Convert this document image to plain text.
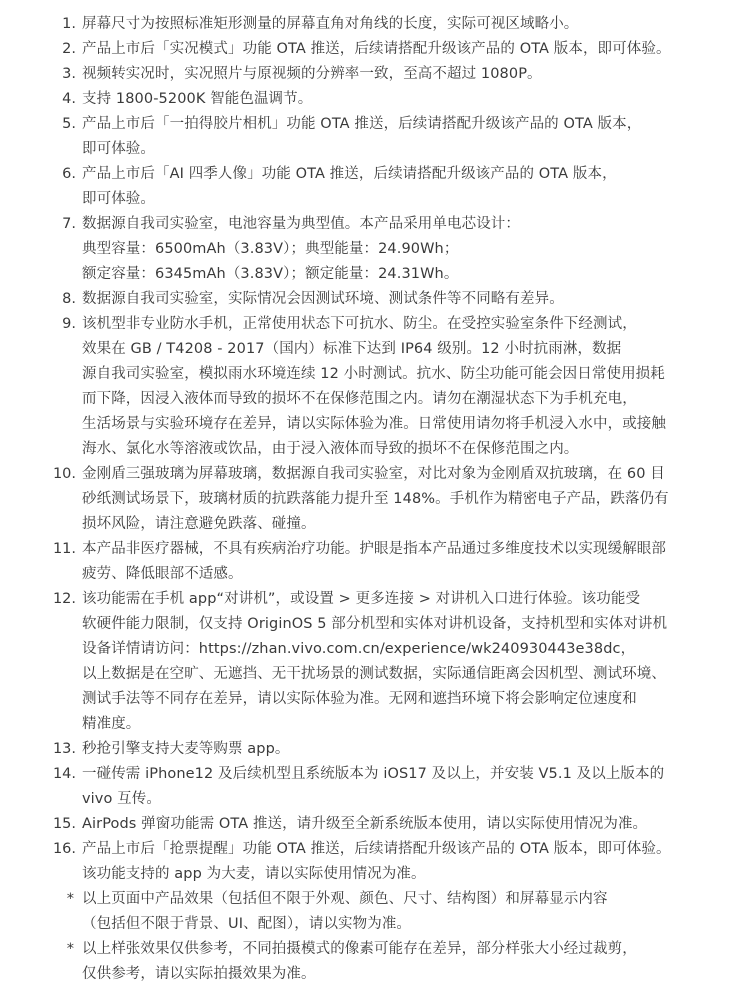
1. 屏幕尺寸为按照标准矩形测量的屏幕直角对角线的长度，实际可视区域略小。
2. 产品上市后「实况模式」功能 OTA 推送，后续请搭配升级该产品的 OTA 版本，即可体验。
3. 视频转实况时，实况照片与原视频的分辨率一致，至高不超过 1080P。
4. 支持 1800-5200K 智能色温调节。
5. 产品上市后「一拍得胶片相机」功能 OTA 推送，后续请搭配升级该产品的 OTA 版本，
即可体验。
6. 产品上市后「AI 四季人像」功能 OTA 推送，后续请搭配升级该产品的 OTA 版本，
即可体验。
7. 数据源自我司实验室，电池容量为典型值。本产品采用单电芯设计：
典型容量：6500mAh（3.83V）；典型能量：24.90Wh；
额定容量：6345mAh（3.83V）；额定能量：24.31Wh。
8. 数据源自我司实验室，实际情况会因测试环境、测试条件等不同略有差异。
9. 该机型非专业防水手机，正常使用状态下可抗水、防尘。在受控实验室条件下经测试，
效果在 GB / T4208 - 2017（国内）标准下达到 IP64 级别。12 小时抗雨淋，数据
源自我司实验室，模拟雨水环境连续 12 小时测试。抗水、防尘功能可能会因日常使用损耗
而下降，因浸入液体而导致的损坏不在保修范围之内。请勿在潮湿状态下为手机充电，
生活场景与实验环境存在差异，请以实际体验为准。日常使用请勿将手机浸入水中，或接触
海水、氯化水等溶液或饮品，由于浸入液体而导致的损坏不在保修范围之内。
10. 金刚盾三强玻璃为屏幕玻璃，数据源自我司实验室，对比对象为金刚盾双抗玻璃，在 60 目
砂纸测试场景下，玻璃材质的抗跌落能力提升至 148%。手机作为精密电子产品，跌落仍有
损坏风险，请注意避免跌落、碰撞。
11. 本产品非医疗器械，不具有疾病治疗功能。护眼是指本产品通过多维度技术以实现缓解眼部
疲劳、降低眼部不适感。
12. 该功能需在手机 app“对讲机”，或设置 > 更多连接 > 对讲机入口进行体验。该功能受
软硬件能力限制，仅支持 OriginOS 5 部分机型和实体对讲机设备，支持机型和实体对讲机
设备详情请访问：https://zhan.vivo.com.cn/experience/wk240930443e38dc，
以上数据是在空旷、无遮挡、无干扰场景的测试数据，实际通信距离会因机型、测试环境、
测试手法等不同存在差异，请以实际体验为准。无网和遮挡环境下将会影响定位速度和
精准度。
13. 秒抢引擎支持大麦等购票 app。
14. 一碰传需 iPhone12 及后续机型且系统版本为 iOS17 及以上，并安装 V5.1 及以上版本的
vivo 互传。
15. AirPods 弹窗功能需 OTA 推送，请升级至全新系统版本使用，请以实际使用情况为准。
16. 产品上市后「抢票提醒」功能 OTA 推送，后续请搭配升级该产品的 OTA 版本，即可体验。
该功能支持的 app 为大麦，请以实际使用情况为准。
* 以上页面中产品效果（包括但不限于外观、颜色、尺寸、结构图）和屏幕显示内容
（包括但不限于背景、UI、配图），请以实物为准。
* 以上样张效果仅供参考，不同拍摄模式的像素可能存在差异，部分样张大小经过裁剪，
仅供参考，请以实际拍摄效果为准。
